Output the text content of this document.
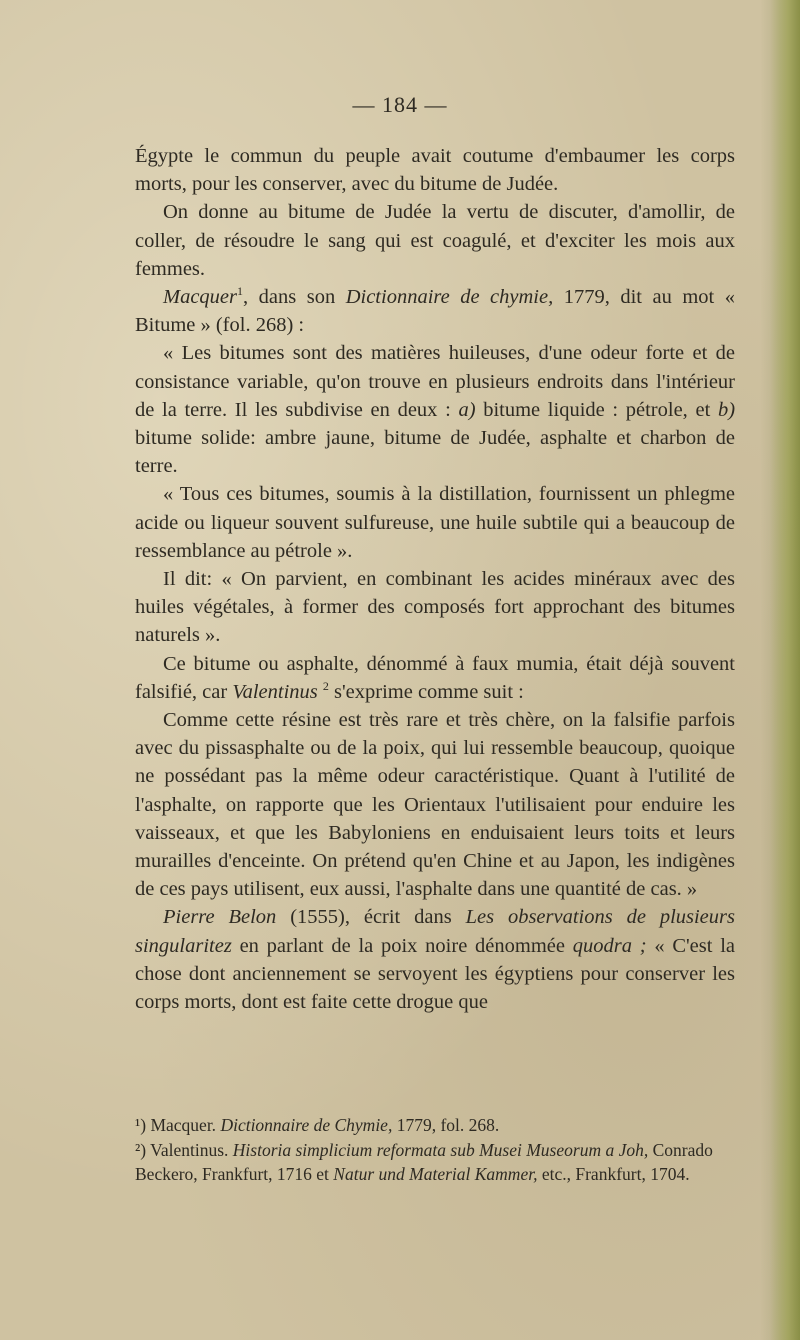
— 184 —

Égypte le commun du peuple avait coutume d'embaumer les corps morts, pour les conserver, avec du bitume de Judée.

On donne au bitume de Judée la vertu de discuter, d'amollir, de coller, de résoudre le sang qui est coagulé, et d'exciter les mois aux femmes.

Macquer$^1$, dans son Dictionnaire de chymie, 1779, dit au mot « Bitume » (fol. 268) :

« Les bitumes sont des matières huileuses, d'une odeur forte et de consistance variable, qu'on trouve en plusieurs endroits dans l'intérieur de la terre. Il les subdivise en deux : a) bitume liquide : pétrole, et b) bitume solide: ambre jaune, bitume de Judée, asphalte et charbon de terre.

« Tous ces bitumes, soumis à la distillation, fournissent un phlegme acide ou liqueur souvent sulfureuse, une huile subtile qui a beaucoup de ressemblance au pétrole ».

Il dit: « On parvient, en combinant les acides minéraux avec des huiles végétales, à former des composés fort approchant des bitumes naturels ».

Ce bitume ou asphalte, dénommé à faux mumia, était déjà souvent falsifié, car Valentinus $^2$ s'exprime comme suit :

Comme cette résine est très rare et très chère, on la falsifie parfois avec du pissasphalte ou de la poix, qui lui ressemble beaucoup, quoique ne possédant pas la même odeur caractéristique. Quant à l'utilité de l'asphalte, on rapporte que les Orientaux l'utilisaient pour enduire les vaisseaux, et que les Babyloniens en enduisaient leurs toits et leurs murailles d'enceinte. On prétend qu'en Chine et au Japon, les indigènes de ces pays utilisent, eux aussi, l'asphalte dans une quantité de cas. »

Pierre Belon (1555), écrit dans Les observations de plusieurs singularitez en parlant de la poix noire dénommée quodra ; « C'est la chose dont anciennement se servoyent les égyptiens pour conserver les corps morts, dont est faite cette drogue que

¹) Macquer. Dictionnaire de Chymie, 1779, fol. 268.

²) Valentinus. Historia simplicium reformata sub Musei Museorum a Joh, Conrado Beckero, Frankfurt, 1716 et Natur und Material Kammer, etc., Frankfurt, 1704.
